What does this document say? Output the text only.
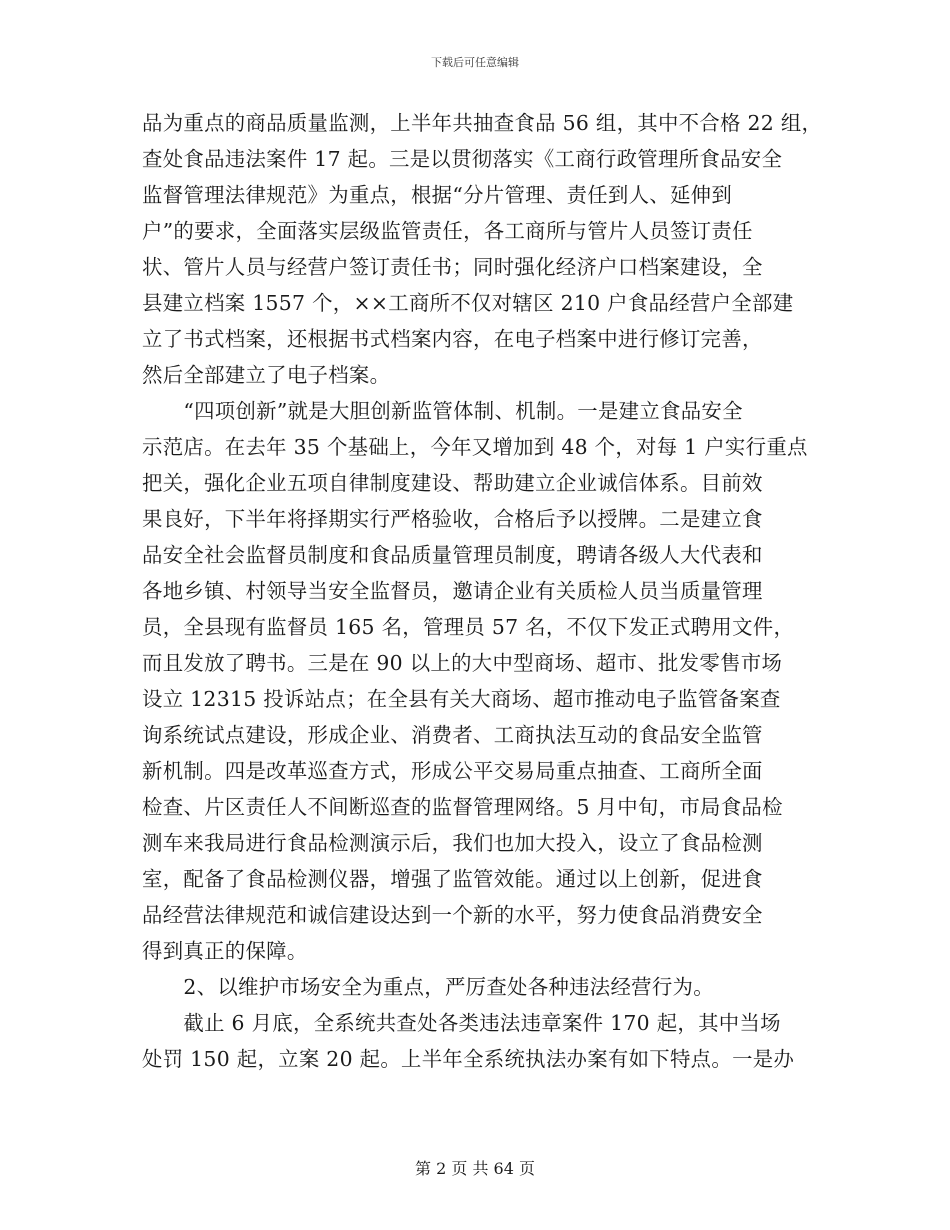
下载后可任意编辑
品为重点的商品质量监测，上半年共抽查食品 56 组，其中不合格 22 组，
查处食品违法案件 17 起。三是以贯彻落实《工商行政管理所食品安全
监督管理法律规范》为重点，根据“分片管理、责任到人、延伸到
户”的要求，全面落实层级监管责任，各工商所与管片人员签订责任
状、管片人员与经营户签订责任书；同时强化经济户口档案建设，全
县建立档案 1557 个，××工商所不仅对辖区 210 户食品经营户全部建
立了书式档案，还根据书式档案内容，在电子档案中进行修订完善，
然后全部建立了电子档案。
　　“四项创新”就是大胆创新监管体制、机制。一是建立食品安全
示范店。在去年 35 个基础上，今年又增加到 48 个，对每 1 户实行重点
把关，强化企业五项自律制度建设、帮助建立企业诚信体系。目前效
果良好，下半年将择期实行严格验收，合格后予以授牌。二是建立食
品安全社会监督员制度和食品质量管理员制度，聘请各级人大代表和
各地乡镇、村领导当安全监督员，邀请企业有关质检人员当质量管理
员，全县现有监督员 165 名，管理员 57 名，不仅下发正式聘用文件，
而且发放了聘书。三是在 90 以上的大中型商场、超市、批发零售市场
设立 12315 投诉站点；在全县有关大商场、超市推动电子监管备案查
询系统试点建设，形成企业、消费者、工商执法互动的食品安全监管
新机制。四是改革巡查方式，形成公平交易局重点抽查、工商所全面
检查、片区责任人不间断巡查的监督管理网络。5 月中旬，市局食品检
测车来我局进行食品检测演示后，我们也加大投入，设立了食品检测
室，配备了食品检测仪器，增强了监管效能。通过以上创新，促进食
品经营法律规范和诚信建设达到一个新的水平，努力使食品消费安全
得到真正的保障。
　　2、以维护市场安全为重点，严厉查处各种违法经营行为。
　　截止 6 月底，全系统共查处各类违法违章案件 170 起，其中当场
处罚 150 起，立案 20 起。上半年全系统执法办案有如下特点。一是办
第 2 页 共 64 页
